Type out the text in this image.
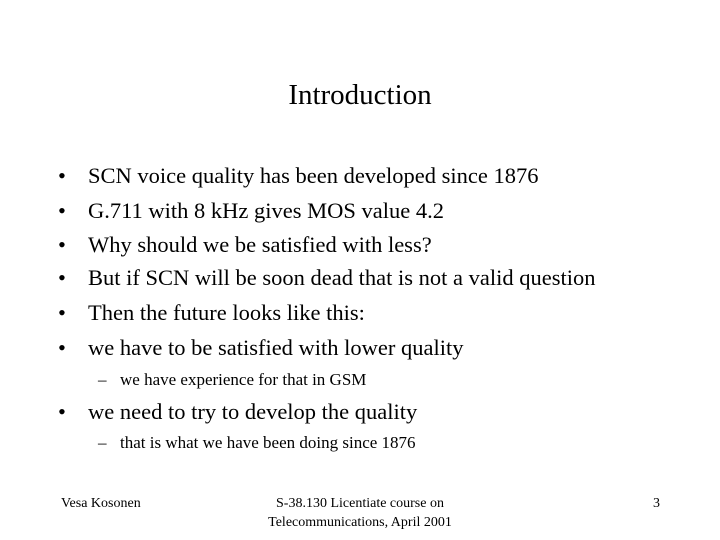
Introduction
• SCN voice quality has been developed since 1876
• G.711 with 8 kHz gives MOS value 4.2
• Why should we be satisfied with less?
• But if SCN will be soon dead that is not a valid question
• Then the future looks like this:
• we have to be satisfied with lower quality
– we have experience for that in GSM
• we need to try to develop the quality
– that is what we have been doing since 1876
Vesa Kosonen	S-38.130 Licentiate course on
Telecommunications, April 2001
3
